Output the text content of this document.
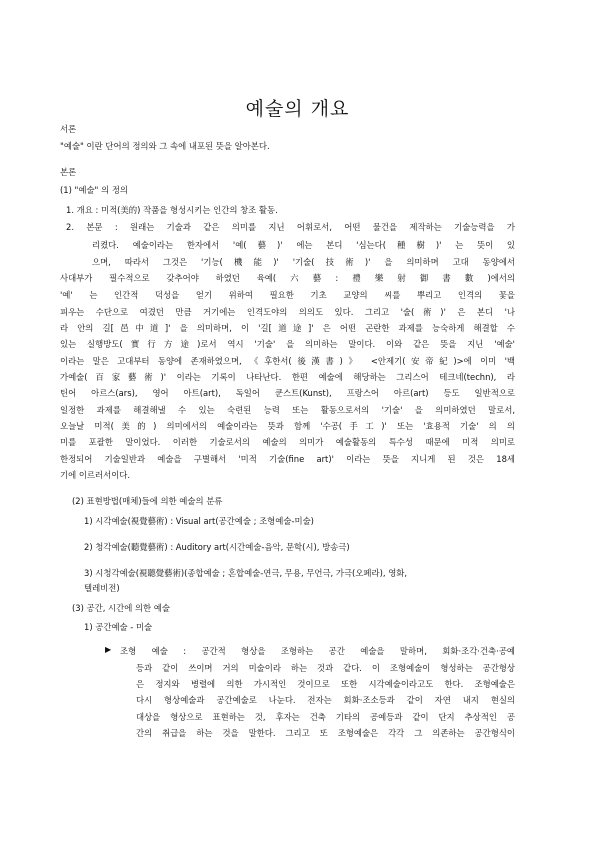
예술의 개요
서론
"예술" 이란 단어의 정의와 그 속에 내포된 뜻을 알아본다.
본론
(1) "예술" 의 정의
1. 개요 : 미적(美的) 작품을 형성시키는 인간의 창조 활동.
2. 본문 : 원래는 기술과 같은 의미를 지닌 어휘로서, 어떤 물건을 제작하는 기술능력을 가
리켰다. 예술이라는 한자에서 '예(藝)' 에는 본디 '심는다(種樹)' 는 뜻이 있
으며, 따라서 그것은 '기능(機能)' '기술(技術)' 을 의미하며 고대 동양에서
사대부가 필수적으로 갖추어야 하였던 육예(六藝:禮樂射御書數)에서의
'예' 는 인간적 덕성을 얻기 위하여 필요한 기초 교양의 씨를 뿌리고 인격의 꽃을
피우는 수단으로 여겼던 만큼 거기에는 인격도야의 의의도 있다. 그리고 '술(術)' 은 본디 '나
라 안의 길[邑中道]' 을 의미하며, 이 '길[道途]' 은 어떤 곤란한 과제를 능숙하게 해결할 수
있는 실행방도(實行方途)로서 역시 '기술' 을 의미하는 말이다. 이와 같은 뜻을 지닌 '예술'
이라는 말은 고대부터 동양에 존재하였으며, 《후한서(後漢書)》 <안제기(安帝紀)>에 이미 '백
가예술(百家藝術)' 이라는 기록이 나타난다. 한편 예술에 해당하는 그리스어 테크네(techn), 라
틴어 아르스(ars), 영어 아트(art), 독일어 쿤스트(Kunst), 프랑스어 아르(art) 등도 일반적으로
일정한 과제를 해결해낼 수 있는 숙련된 능력 또는 활동으로서의 '기술' 을 의미하였던 말로서,
오늘날 미적(美的) 의미에서의 예술이라는 뜻과 함께 '수공(手工)' 또는 '효용적 기술' 의 의
미를 포괄한 말이었다. 이러한 기술로서의 예술의 의미가 예술활동의 특수성 때문에 미적 의미로
한정되어 기술일반과 예술을 구별해서 '미적 기술(fine art)' 이라는 뜻을 지니게 된 것은 18세
기에 이르러서이다.
(2) 표현방법(매체)들에 의한 예술의 분류
1) 시각예술(視覺藝術) : Visual art(공간예술 ; 조형예술-미술)
2) 청각예술(聽覺藝術) : Auditory art(시간예술-음악, 문학(시), 방송극)
3) 시청각예술(視聽覺藝術)(종합예술 ; 혼합예술-연극, 무용, 무언극, 가극(오페라), 영화,
텔레비전)
(3) 공간, 시간에 의한 예술
1) 공간예술 - 미술
▶ 조형 예술 : 공간적 형상을 조형하는 공간 예술을 말하며, 회화·조각·건축·공예
등과 같이 쓰이며 거의 미술이라 하는 것과 같다. 이 조형예술이 형성하는 공간형상
은 정지와 병렬에 의한 가시적인 것이므로 또한 시각예술이라고도 한다. 조형예술은
다시 형상예술과 공간예술로 나눈다. 전자는 회화·조소등과 같이 자연 내지 현실의
대상을 형상으로 표현하는 것, 후자는 건축 기타의 공예등과 같이 단지 추상적인 공
간의 취급을 하는 것을 말한다. 그리고 또 조형예술은 각각 그 의존하는 공간형식이
